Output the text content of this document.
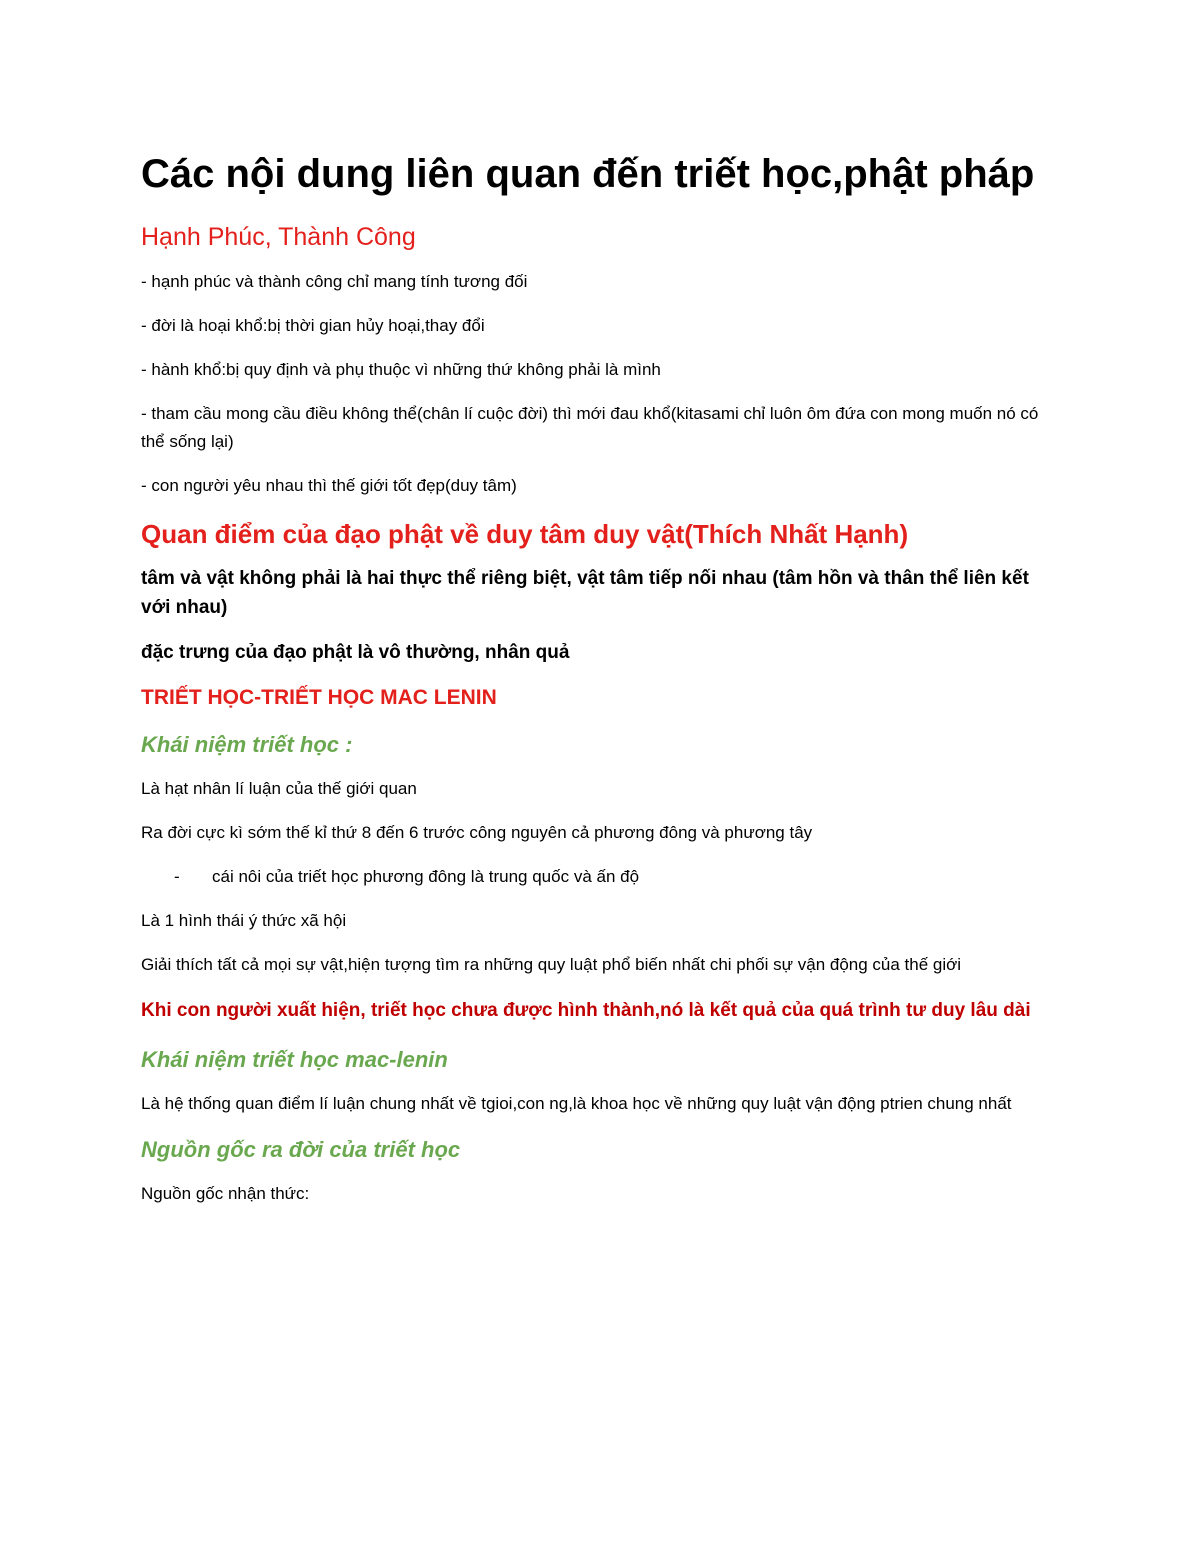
Các nội dung liên quan đến triết học,phật pháp
Hạnh Phúc, Thành Công
- hạnh phúc và thành công chỉ mang tính tương đối
- đời là hoại khổ:bị thời gian hủy hoại,thay đổi
- hành khổ:bị quy định và phụ thuộc vì những thứ không phải là mình
- tham cầu mong cầu điều không thể(chân lí cuộc đời) thì mới đau khổ(kitasami chỉ luôn ôm đứa con mong muốn nó có thể sống lại)
- con người yêu nhau thì thế giới tốt đẹp(duy tâm)
Quan điểm của đạo phật về duy tâm duy vật(Thích Nhất Hạnh)
tâm và vật không phải là hai thực thể riêng biệt, vật tâm tiếp nối nhau (tâm hồn và thân thể liên kết với nhau)
đặc trưng của đạo phật là vô thường, nhân quả
TRIẾT HỌC-TRIẾT HỌC MAC LENIN
Khái niệm triết học :
Là hạt nhân lí luận của thế giới quan
Ra đời cực kì sớm thế kỉ thứ 8 đến 6 trước công nguyên cả phương đông và phương tây
-	cái nôi của triết học phương đông là trung quốc và ấn độ
Là 1 hình thái ý thức xã hội
Giải thích tất cả mọi sự vật,hiện tượng tìm ra những quy luật phổ biến nhất chi phối sự vận động của thế giới
Khi con người xuất hiện, triết học chưa được hình thành,nó là kết quả của quá trình tư duy lâu dài
Khái niệm triết học mac-lenin
Là hệ thống quan điểm lí luận chung nhất về tgioi,con ng,là khoa học về những quy luật vận động ptrien chung nhất
Nguồn gốc ra đời của triết học
Nguồn gốc nhận thức:
